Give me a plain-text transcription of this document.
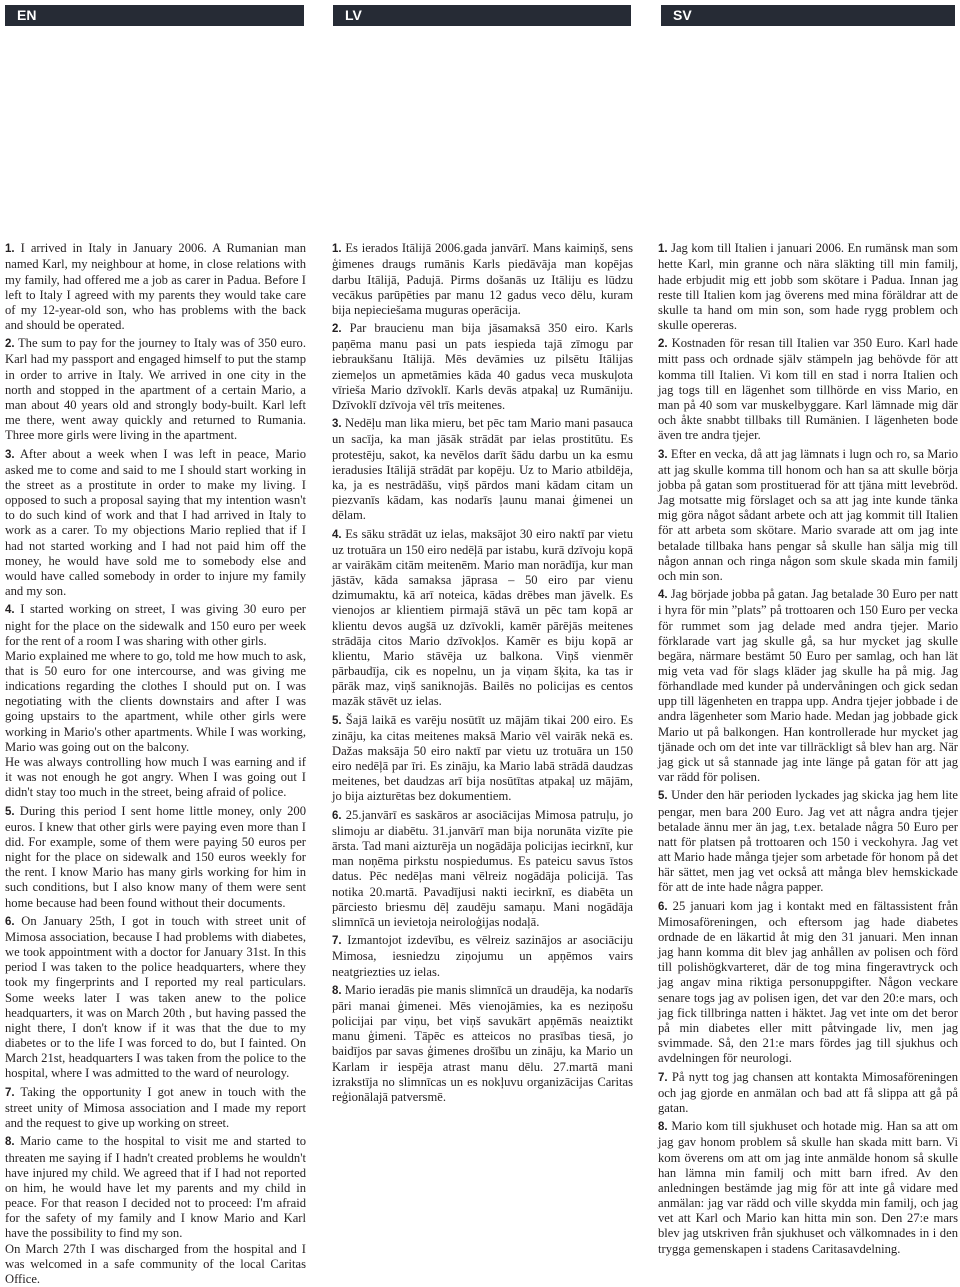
EN	LV	SV

1. I arrived in Italy in January 2006. A Rumanian man named Karl, my neighbour at home, in close relations with my family, had offered me a job as carer in Padua. Before I left to Italy I agreed with my parents they would take care of my 12-year-old son, who has problems with the back and should be operated.

2. The sum to pay for the journey to Italy was of 350 euro. Karl had my passport and engaged himself to put the stamp in order to arrive in Italy. We arrived in one city in the north and stopped in the apartment of a certain Mario, a man about 40 years old and strongly body-built. Karl left me there, went away quickly and returned to Rumania. Three more girls were living in the apartment.

3. After about a week when I was left in peace, Mario asked me to come and said to me I should start working in the street as a prostitute in order to make my living. I opposed to such a proposal saying that my intention wasn't to do such kind of work and that I had arrived in Italy to work as a carer. To my objections Mario replied that if I had not started working and I had not paid him off the money, he would have sold me to somebody else and would have called somebody in order to injure my family and my son.

4. I started working on street, I was giving 30 euro per night for the place on the sidewalk and 150 euro per week for the rent of a room I was sharing with other girls.

Mario explained me where to go, told me how much to ask, that is 50 euro for one intercourse, and was giving me indications regarding the clothes I should put on. I was negotiating with the clients downstairs and after I was going upstairs to the apartment, while other girls were working in Mario's other apartments. While I was working, Mario was going out on the balcony.

He was always controlling how much I was earning and if it was not enough he got angry. When I was going out I didn't stay too much in the street, being afraid of police.

5. During this period I sent home little money, only 200 euros. I knew that other girls were paying even more than I did. For example, some of them were paying 50 euros per night for the place on sidewalk and 150 euros weekly for the rent. I know Mario has many girls working for him in such conditions, but I also know many of them were sent home because had been found without their documents.

6. On January 25th, I got in touch with street unit of Mimosa association, because I had problems with diabetes, we took appointment with a doctor for January 31st. In this period I was taken to the police headquarters, where they took my fingerprints and I reported my real particulars. Some weeks later I was taken anew to the police headquarters, it was on March 20th , but having passed the night there, I don't know if it was that the due to my diabetes or to the life I was forced to do, but I fainted. On March 21st, headquarters I was taken from the police to the hospital, where I was admitted to the ward of neurology.

7. Taking the opportunity I got anew in touch with the street unity of Mimosa association and I made my report and the request to give up working on street.

8. Mario came to the hospital to visit me and started to threaten me saying if I hadn't created problems he wouldn't have injured my child. We agreed that if I had not reported on him, he would have let my parents and my child in peace. For that reason I decided not to proceed: I'm afraid for the safety of my family and I know Mario and Karl have the possibility to find my son.

On March 27th I was discharged from the hospital and I was welcomed in a safe community of the local Caritas Office.

1. Es ierados Itālijā 2006.gada janvārī. Mans kaimiņš, sens ģimenes draugs rumānis Karls piedāvāja man kopējas darbu Itālijā, Padujā. Pirms došanās uz Itāliju es lūdzu vecākus parūpēties par manu 12 gadus veco dēlu, kuram bija nepieciešama muguras operācija.

2. Par braucienu man bija jāsamaksā 350 eiro. Karls paņēma manu pasi un pats iespieda tajā zīmogu par iebraukšanu Itālijā. Mēs devāmies uz pilsētu Itālijas ziemeļos un apmetāmies kāda 40 gadus veca muskuļota vīrieša Mario dzīvoklī. Karls devās atpakaļ uz Rumāniju. Dzīvoklī dzīvoja vēl trīs meitenes.

3. Nedēļu man lika mieru, bet pēc tam Mario mani pasauca un sacīja, ka man jāsāk strādāt par ielas prostitūtu. Es protestēju, sakot, ka nevēlos darīt šādu darbu un ka esmu ieradusies Itālijā strādāt par kopēju. Uz to Mario atbildēja, ka, ja es nestrādāšu, viņš pārdos mani kādam citam un piezvanīs kādam, kas nodarīs ļaunu manai ģimenei un dēlam.

4. Es sāku strādāt uz ielas, maksājot 30 eiro naktī par vietu uz trotuāra un 150 eiro nedēļā par istabu, kurā dzīvoju kopā ar vairākām citām meitenēm. Mario man norādīja, kur man jāstāv, kāda samaksa jāprasa – 50 eiro par vienu dzimumaktu, kā arī noteica, kādas drēbes man jāvelk. Es vienojos ar klientiem pirmajā stāvā un pēc tam kopā ar klientu devos augšā uz dzīvokli, kamēr pārējās meitenes strādāja citos Mario dzīvokļos. Kamēr es biju kopā ar klientu, Mario stāvēja uz balkona. Viņš vienmēr pārbaudīja, cik es nopelnu, un ja viņam šķita, ka tas ir pārāk maz, viņš saniknojās. Bailēs no policijas es centos mazāk stāvēt uz ielas.

5. Šajā laikā es varēju nosūtīt uz mājām tikai 200 eiro. Es zināju, ka citas meitenes maksā Mario vēl vairāk nekā es. Dažas maksāja 50 eiro naktī par vietu uz trotuāra un 150 eiro nedēļā par īri. Es zināju, ka Mario labā strādā daudzas meitenes, bet daudzas arī bija nosūtītas atpakaļ uz mājām, jo bija aizturētas bez dokumentiem.

6. 25.janvārī es saskāros ar asociācijas Mimosa patruļu, jo slimoju ar diabētu. 31.janvārī man bija norunāta vizīte pie ārsta. Tad mani aizturēja un nogādāja policijas iecirknī, kur man noņēma pirkstu nospiedumus. Es pateicu savus īstos datus. Pēc nedēļas mani vēlreiz nogādāja policijā. Tas notika 20.martā. Pavadījusi nakti iecirknī, es diabēta un pārciesto briesmu dēļ zaudēju samaņu. Mani nogādāja slimnīcā un ievietoja neiroloģijas nodaļā.

7. Izmantojot izdevību, es vēlreiz sazinājos ar asociāciju Mimosa, iesniedzu ziņojumu un apņēmos vairs neatgriezties uz ielas.

8. Mario ieradās pie manis slimnīcā un draudēja, ka nodarīs pāri manai ģimenei. Mēs vienojāmies, ka es neziņošu policijai par viņu, bet viņš savukārt apņēmās neaiztikt manu ģimeni. Tāpēc es atteicos no prasības tiesā, jo baidījos par savas ģimenes drošību un zināju, ka Mario un Karlam ir iespēja atrast manu dēlu. 27.martā mani izrakstīja no slimnīcas un es nokļuvu organizācijas Caritas reģionālajā patversmē.

1. Jag kom till Italien i januari 2006. En rumänsk man som hette Karl, min granne och nära släkting till min familj, hade erbjudit mig ett jobb som skötare i Padua. Innan jag reste till Italien kom jag överens med mina föräldrar att de skulle ta hand om min son, som hade rygg problem och skulle opereras.

2. Kostnaden för resan till Italien var 350 Euro. Karl hade mitt pass och ordnade själv stämpeln jag behövde för att komma till Italien. Vi kom till en stad i norra Italien och jag togs till en lägenhet som tillhörde en viss Mario, en man på 40 som var muskelbyggare. Karl lämnade mig där och åkte snabbt tillbaks till Rumänien. I lägenheten bode även tre andra tjejer.

3. Efter en vecka, då att jag lämnats i lugn och ro, sa Mario att jag skulle komma till honom och han sa att skulle börja jobba på gatan som prostituerad för att tjäna mitt levebröd. Jag motsatte mig förslaget och sa att jag inte kunde tänka mig göra något sådant arbete och att jag kommit till Italien för att arbeta som skötare. Mario svarade att om jag inte betalade tillbaka hans pengar så skulle han sälja mig till någon annan och ringa någon som skule skada min familj och min son.

4. Jag började jobba på gatan. Jag betalade 30 Euro per natt i hyra för min ”plats” på trottoaren och 150 Euro per vecka för rummet som jag delade med andra tjejer. Mario förklarade vart jag skulle gå, sa hur mycket jag skulle begära, närmare bestämt 50 Euro per samlag, och han lät mig veta vad för slags kläder jag skulle ha på mig. Jag förhandlade med kunder på undervåningen och gick sedan upp till lägenheten en trappa upp. Andra tjejer jobbade i de andra lägenheter som Mario hade. Medan jag jobbade gick Mario ut på balkongen. Han kontrollerade hur mycket jag tjänade och om det inte var tillräckligt så blev han arg. När jag gick ut så stannade jag inte länge på gatan för att jag var rädd för polisen.

5. Under den här perioden lyckades jag skicka jag hem lite pengar, men bara 200 Euro. Jag vet att några andra tjejer betalade ännu mer än jag, t.ex. betalade några 50 Euro per natt för platsen på trottoaren och 150 i veckohyra. Jag vet att Mario hade många tjejer som arbetade för honom på det här sättet, men jag vet också att många blev hemskickade för att de inte hade några papper.

6. 25 januari kom jag i kontakt med en fältassistent från Mimosaföreningen, och eftersom jag hade diabetes ordnade de en läkartid åt mig den 31 januari. Men innan jag hann komma dit blev jag anhållen av polisen och förd till polishögkvarteret, där de tog mina fingeravtryck och jag angav mina riktiga personuppgifter. Någon veckare senare togs jag av polisen igen, det var den 20:e mars, och jag fick tillbringa natten i häktet. Jag vet inte om det beror på min diabetes eller mitt påtvingade liv, men jag svimmade. Så, den 21:e mars fördes jag till sjukhus och avdelningen för neurologi.

7. På nytt tog jag chansen att kontakta Mimosaföreningen och jag gjorde en anmälan och bad att få slippa att gå på gatan.

8. Mario kom till sjukhuset och hotade mig. Han sa att om jag gav honom problem så skulle han skada mitt barn. Vi kom överens om att om jag inte anmälde honom så skulle han lämna min familj och mitt barn ifred. Av den anledningen bestämde jag mig för att inte gå vidare med anmälan: jag var rädd och ville skydda min familj, och jag vet att Karl och Mario kan hitta min son. Den 27:e mars blev jag utskriven från sjukhuset och välkomnades in i den trygga gemenskapen i stadens Caritasavdelning.
